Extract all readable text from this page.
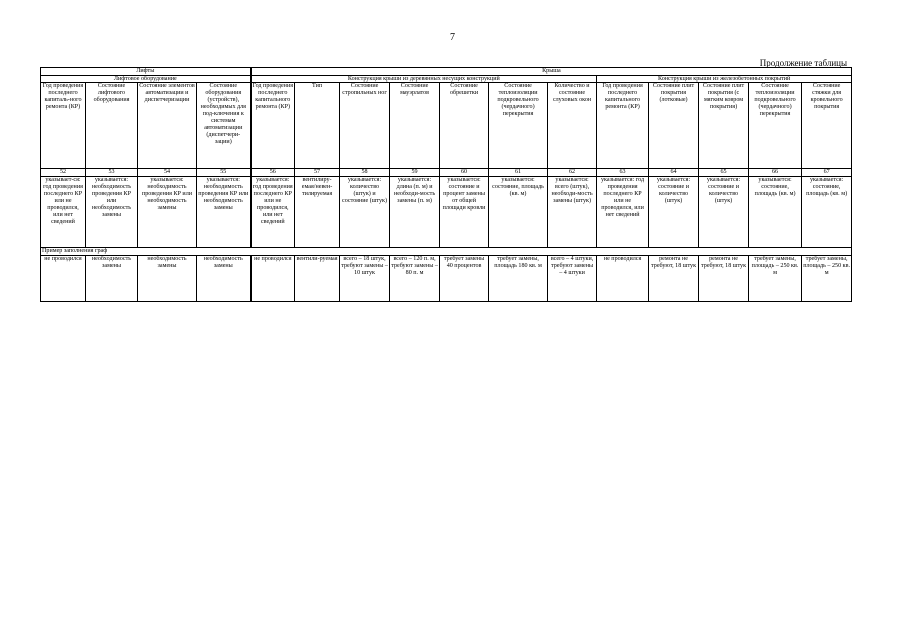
7
Продолжение таблицы
Лифты				Крыша											
Лифтовое оборудование				Конструкция крыши из деревянных несущих конструкций							Конструкция крыши из железобетонных покрытий				
Год проведения последнего капиталь-ного ремонта (КР)	Состояние лифтового оборудования	Состояние элементов автоматизации и диспетчеризации	Состояние оборудования (устройств), необходимых для под-ключения к системам автоматизации (диспетчери-зации)	Год проведения последнего капитального ремонта (КР)	Тип	Состояние стропильных ног	Состояние мауэрлатов	Состояние обрешетки	Состояние теплоизоляции подкровельного (чердачного) перекрытия	Количество и состояние слуховых окон	Год проведения последнего капитального ремонта (КР)	Состояние плит покрытия (лотковые)	Состояние плит покрытия (с мягким ковром покрытия)	Состояние теплоизоляции подкровельного (чердачного) перекрытия	Состояние стяжки для кровельного покрытия
52	53	54	55	56	57	58	59	60	61	62	63	64	65	66	67
указывает-ся: год проведения последнего КР или не проводился, или нет сведений	указывается: необходимость проведения КР или необходимость замены	указывается: необходимость проведения КР или необходимость замены	указывается: необходимость проведения КР или необходимость замены	указывается: год проведения последнего КР или не проводился, или нет сведений	вентилиру-емая/невен-тилируемая	указывается: количество (штук) и состояние (штук)	указывается: длина (п. м) и необходи-мость замены (п. м)	указывается: состояние и процент замены от общей площади кровли	указывается: состояние, площадь (кв. м)	указывается: всего (штук), необходи-мость замены (штук)	указывается: год проведения последнего КР или не проводился, или нет сведений	указывается: состояние и количество (штук)	указывается: состояние и количество (штук)	указывается: состояние, площадь (кв. м)	указывается: состояние, площадь (кв. м)
Пример заполнения граф															
не проводился	необходимость замены	необходимость замены	необходимость замены	не проводился	вентили-руемая	всего – 18 штук, требуют замены – 10 штук	всего – 120 п. м, требуют замены – 80 п. м	требует замены 40 процентов	требует замены, площадь 180 кв. м	всего – 4 штуки, требуют замены – 4 штуки	не проводился	ремонта не требуют, 18 штук	ремонта не требуют, 18 штук	требует замены, площадь – 250 кв. м	требует замены, площадь – 250 кв. м
